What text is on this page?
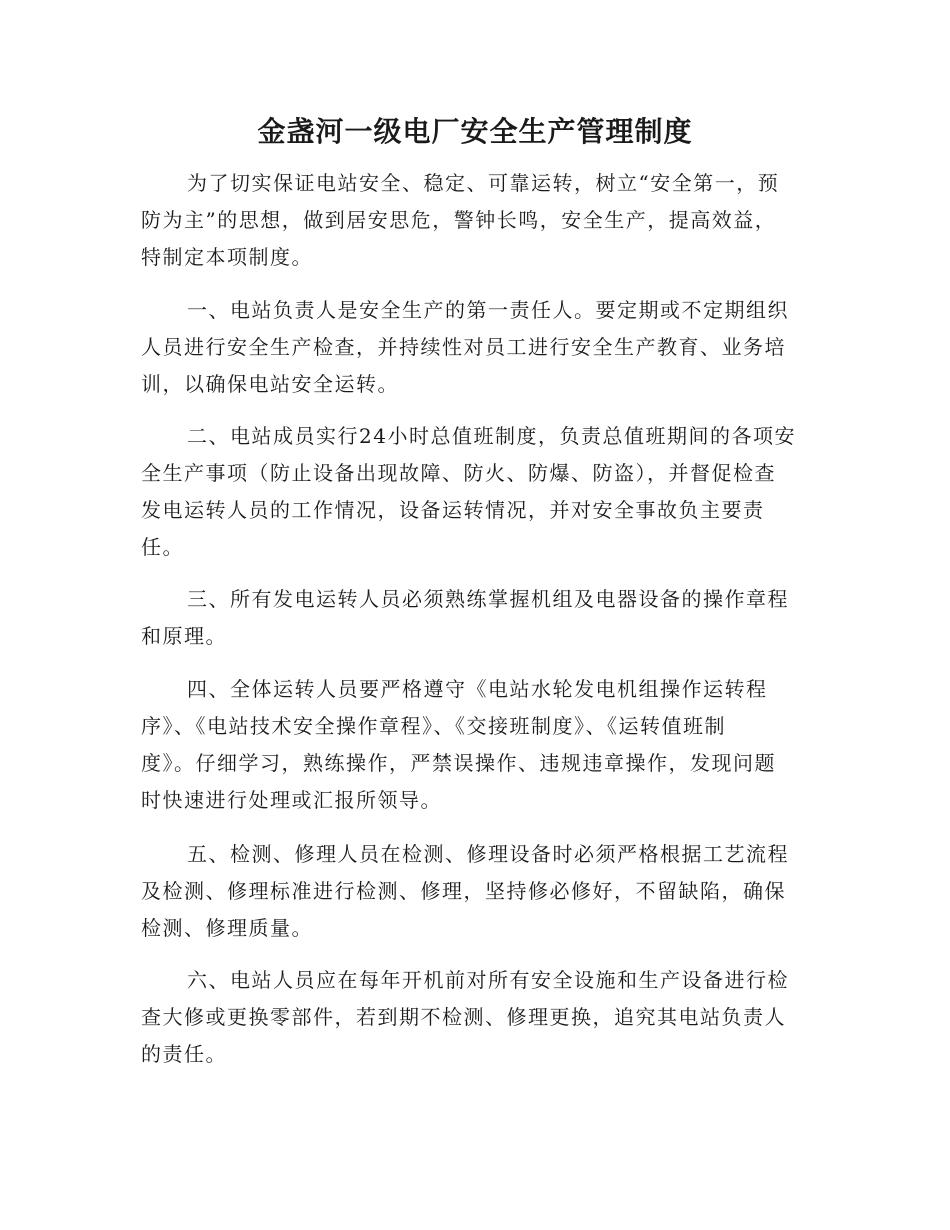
金盏河一级电厂安全生产管理制度

为了切实保证电站安全、稳定、可靠运转，树立“安全第一，预
防为主”的思想，做到居安思危，警钟长鸣，安全生产，提高效益，
特制定本项制度。

一、电站负责人是安全生产的第一责任人。要定期或不定期组织
人员进行安全生产检查，并持续性对员工进行安全生产教育、业务培
训，以确保电站安全运转。

二、电站成员实行24小时总值班制度，负责总值班期间的各项安
全生产事项（防止设备出现故障、防火、防爆、防盗），并督促检查
发电运转人员的工作情况，设备运转情况，并对安全事故负主要责
任。

三、所有发电运转人员必须熟练掌握机组及电器设备的操作章程
和原理。

四、全体运转人员要严格遵守《电站水轮发电机组操作运转程
序》、《电站技术安全操作章程》、《交接班制度》、《运转值班制
度》。仔细学习，熟练操作，严禁误操作、违规违章操作，发现问题
时快速进行处理或汇报所领导。

五、检测、修理人员在检测、修理设备时必须严格根据工艺流程
及检测、修理标准进行检测、修理，坚持修必修好，不留缺陷，确保
检测、修理质量。

六、电站人员应在每年开机前对所有安全设施和生产设备进行检
查大修或更换零部件，若到期不检测、修理更换，追究其电站负责人
的责任。
